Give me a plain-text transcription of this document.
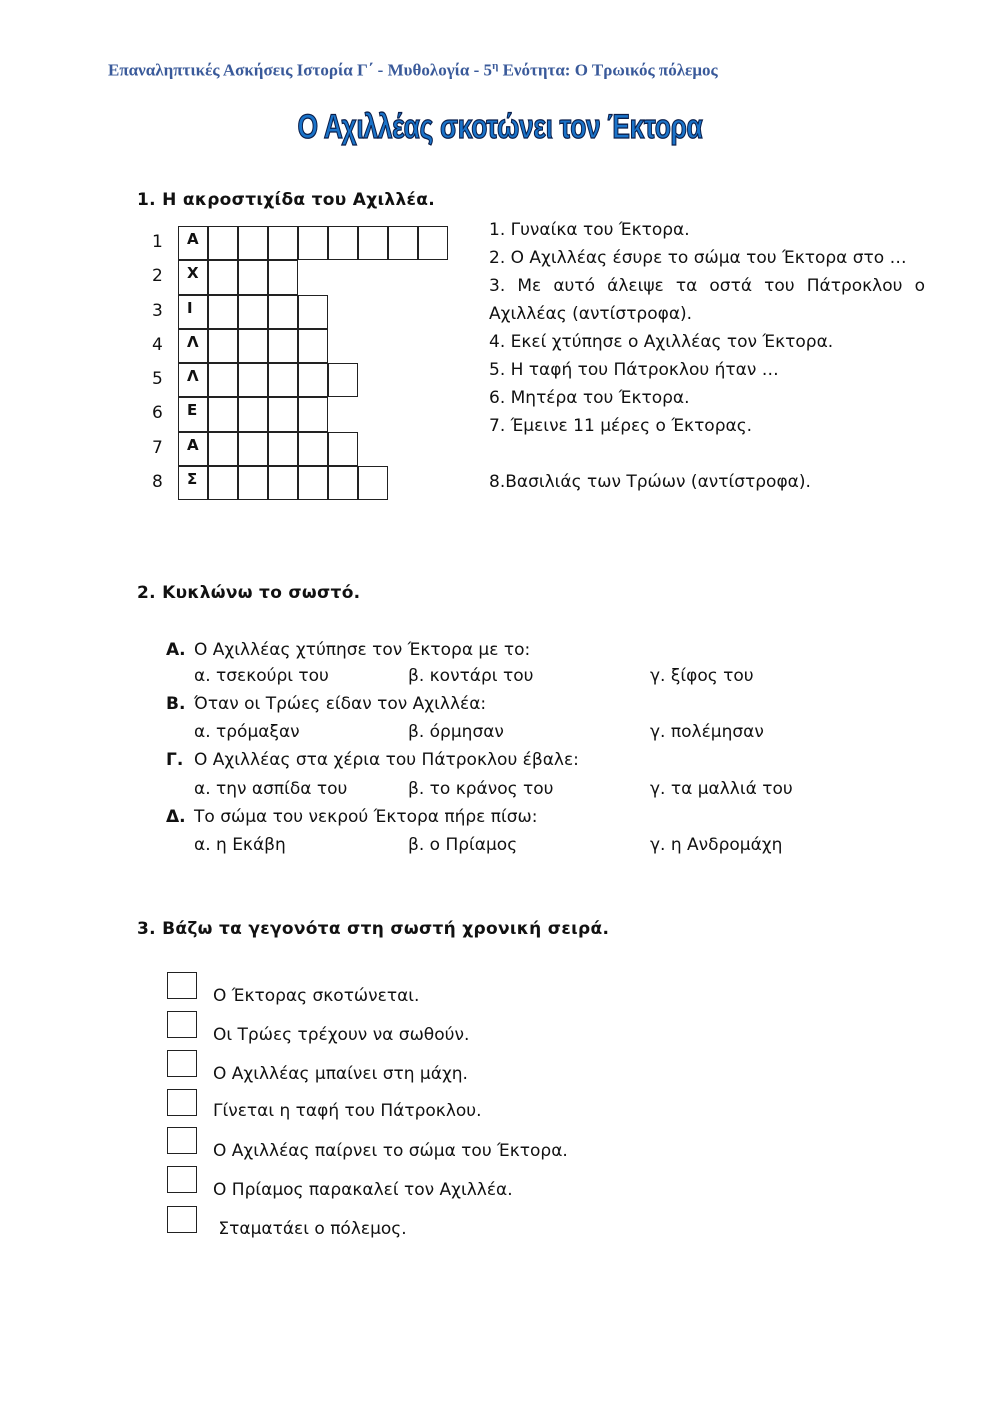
Επαναληπτικές Ασκήσεις Ιστορία Γ΄ - Μυθολογία - $5^\eta$ Ενότητα: Ο Τρωικός πόλεμος
Ο Αχιλλέας σκοτώνει τον Έκτορα
1. Η ακροστιχίδα του Αχιλλέα.
1	Α
2	Χ
3	Ι
4	Λ
5	Λ
6	Ε
7	Α
8	Σ
1. Γυναίκα του Έκτορα.
2. Ο Αχιλλέας έσυρε το σώμα του Έκτορα στο …
3. Με αυτό άλειψε τα οστά του Πάτροκλου ο Αχιλλέας (αντίστροφα).
4. Εκεί χτύπησε ο Αχιλλέας τον Έκτορα.
5. Η ταφή του Πάτροκλου ήταν …
6. Μητέρα του Έκτορα.
7. Έμεινε 11 μέρες ο Έκτορας.
8.Βασιλιάς των Τρώων (αντίστροφα).
2. Κυκλώνω το σωστό.
Α. Ο Αχιλλέας χτύπησε τον Έκτορα με το:
α. τσεκούρι του	β. κοντάρι του	γ. ξίφος του
Β. Όταν οι Τρώες είδαν τον Αχιλλέα:
α. τρόμαξαν	β. όρμησαν	γ. πολέμησαν
Γ. Ο Αχιλλέας στα χέρια του Πάτροκλου έβαλε:
α. την ασπίδα του	β. το κράνος του	γ. τα μαλλιά του
Δ. Το σώμα του νεκρού Έκτορα πήρε πίσω:
α. η Εκάβη	β. ο Πρίαμος	γ. η Ανδρομάχη
3. Βάζω τα γεγονότα στη σωστή χρονική σειρά.
Ο Έκτορας σκοτώνεται.
Οι Τρώες τρέχουν να σωθούν.
Ο Αχιλλέας μπαίνει στη μάχη.
Γίνεται η ταφή του Πάτροκλου.
Ο Αχιλλέας παίρνει το σώμα του Έκτορα.
Ο Πρίαμος παρακαλεί τον Αχιλλέα.
Σταματάει ο πόλεμος.
